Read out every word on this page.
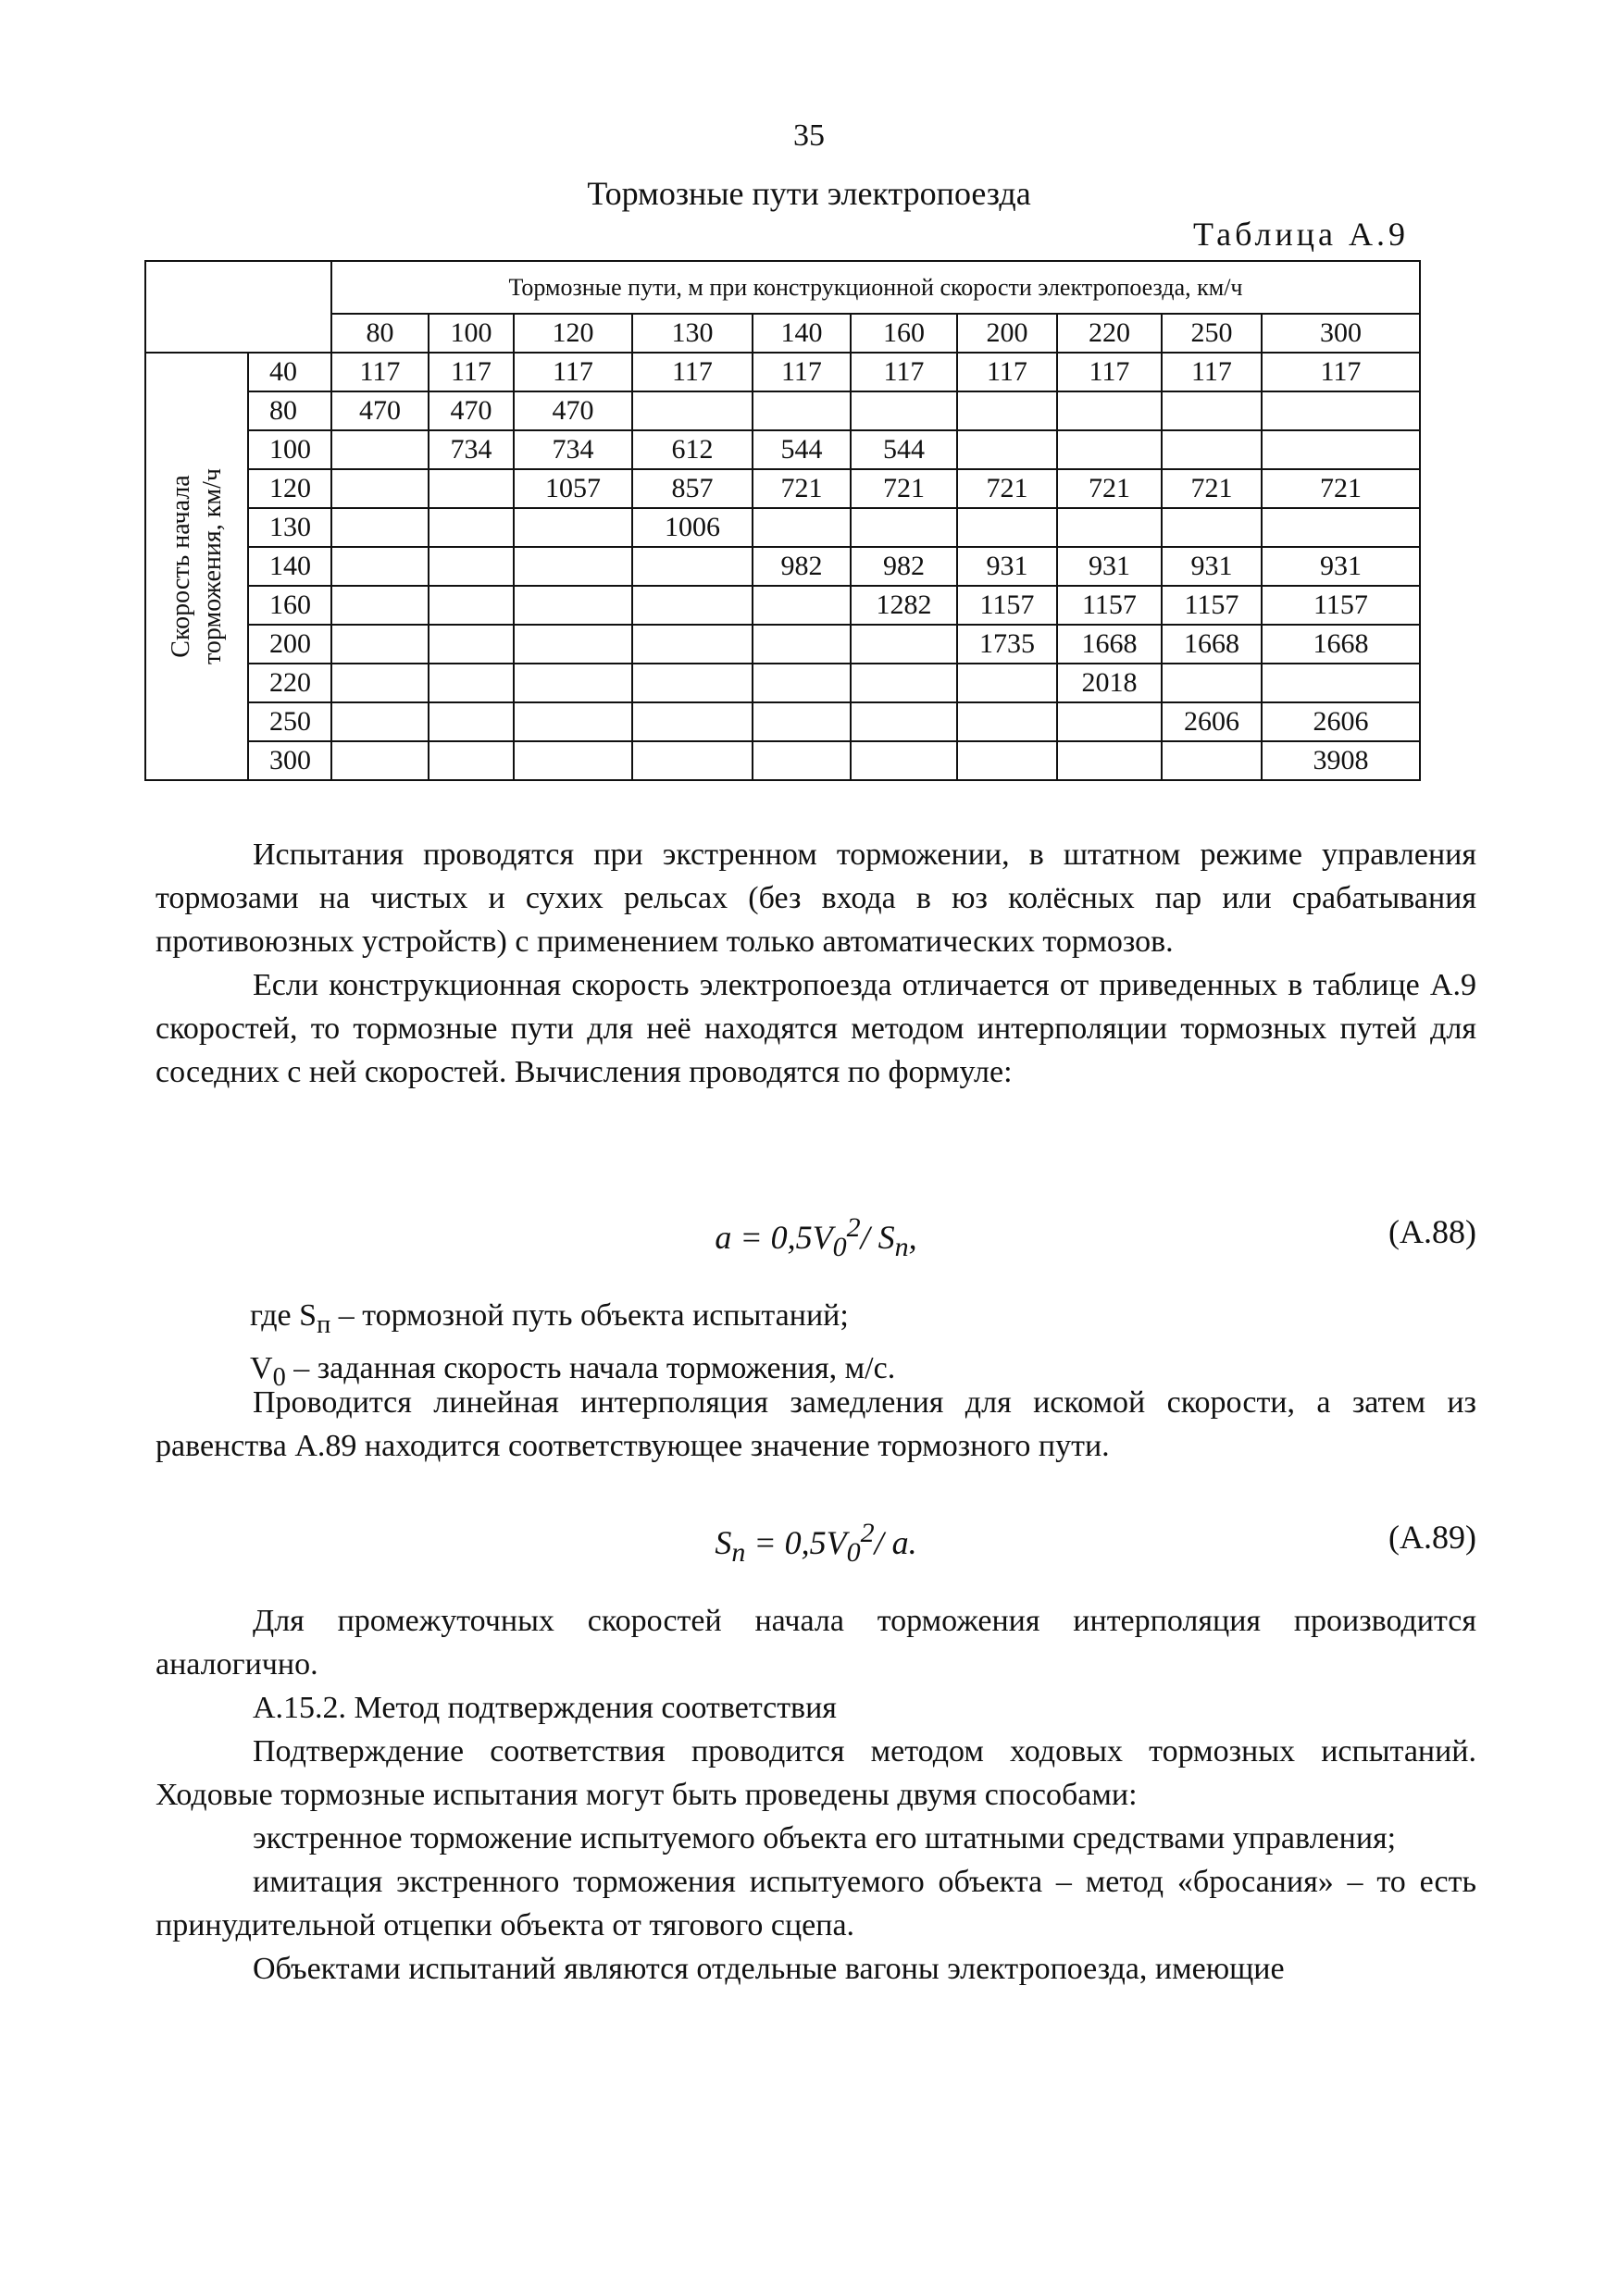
35
Тормозные пути электропоезда
Таблица А.9
		Тормозные пути, м при конструкционной скорости электропоезда, км/ч									
		80	100	120	130	140	160	200	220	250	300

Скорость начала торможения, км/ч	40	117	117	117	117	117	117	117	117	117	117
	80	470	470	470							
	100		734	734	612	544	544				
	120			1057	857	721	721	721	721	721	721
	130				1006						
	140					982	982	931	931	931	931
	160						1282	1157	1157	1157	1157
	200							1735	1668	1668	1668
	220								2018		
	250									2606	2606
	300										3908

Испытания проводятся при экстренном торможении, в штатном режиме управления тормозами на чистых и сухих рельсах (без входа в юз колёсных пар или срабатывания противоюзных устройств) с применением только автоматических тормозов.

Если конструкционная скорость электропоезда отличается от приведенных в таблице А.9 скоростей, то тормозные пути для неё находятся методом интерполяции тормозных путей для соседних с ней скоростей. Вычисления проводятся по формуле:

$a = 0,5V_0^2/$ $S_п$,	(А.88)
где $S_п$ – тормозной путь объекта испытаний;
$V_0$ – заданная скорость начала торможения, м/с.

Проводится линейная интерполяция замедления для искомой скорости, а затем из равенства А.89 находится соответствующее значение тормозного пути.

$S_п = 0,5V_0^2/$ a.	(А.89)

Для промежуточных скоростей начала торможения интерполяция производится аналогично.

А.15.2. Метод подтверждения соответствия

Подтверждение соответствия проводится методом ходовых тормозных испытаний. Ходовые тормозные испытания могут быть проведены двумя способами:

экстренное торможение испытуемого объекта его штатными средствами управления;

имитация экстренного торможения испытуемого объекта – метод «бросания» – то есть принудительной отцепки объекта от тягового сцепа.

Объектами испытаний являются отдельные вагоны электропоезда, имеющие
